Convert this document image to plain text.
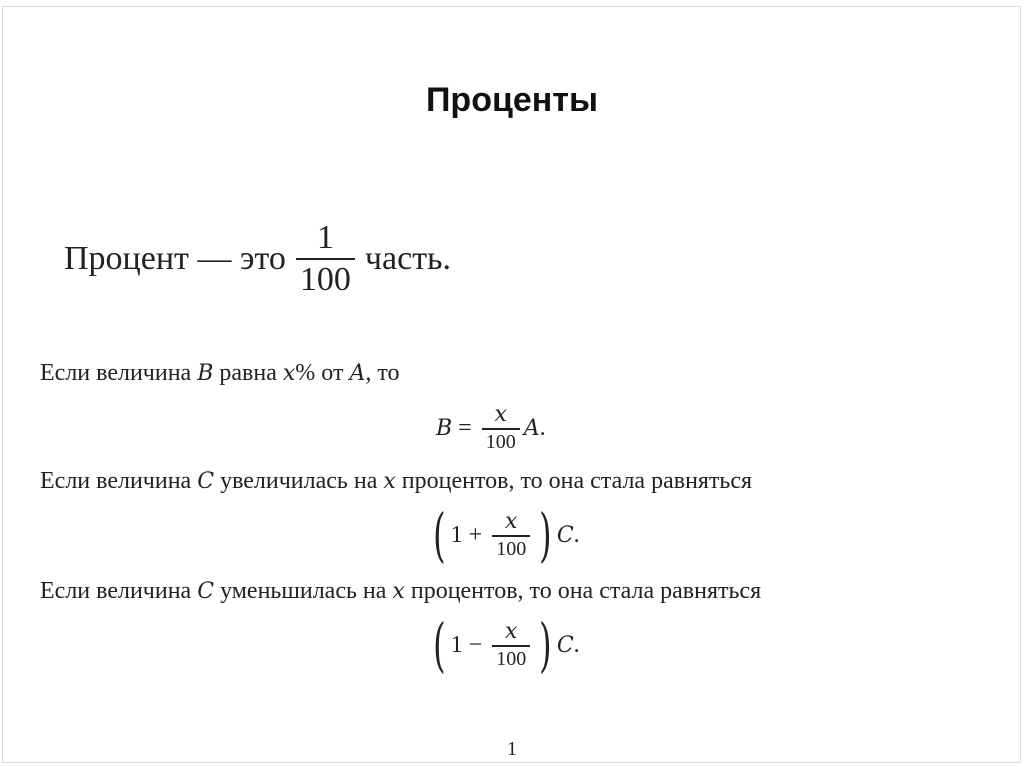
Проценты
Процент — это $\frac{1}{100}$ часть.
Если величина B равна x% от A, то
$B = \frac{x}{100}$ A .
Если величина C увеличилась на x процентов, то она стала равняться
( $1 + \frac{x}{100}$ ) C .
Если величина C уменьшилась на x процентов, то она стала равняться
( $1 - \frac{x}{100}$ ) C .
1
